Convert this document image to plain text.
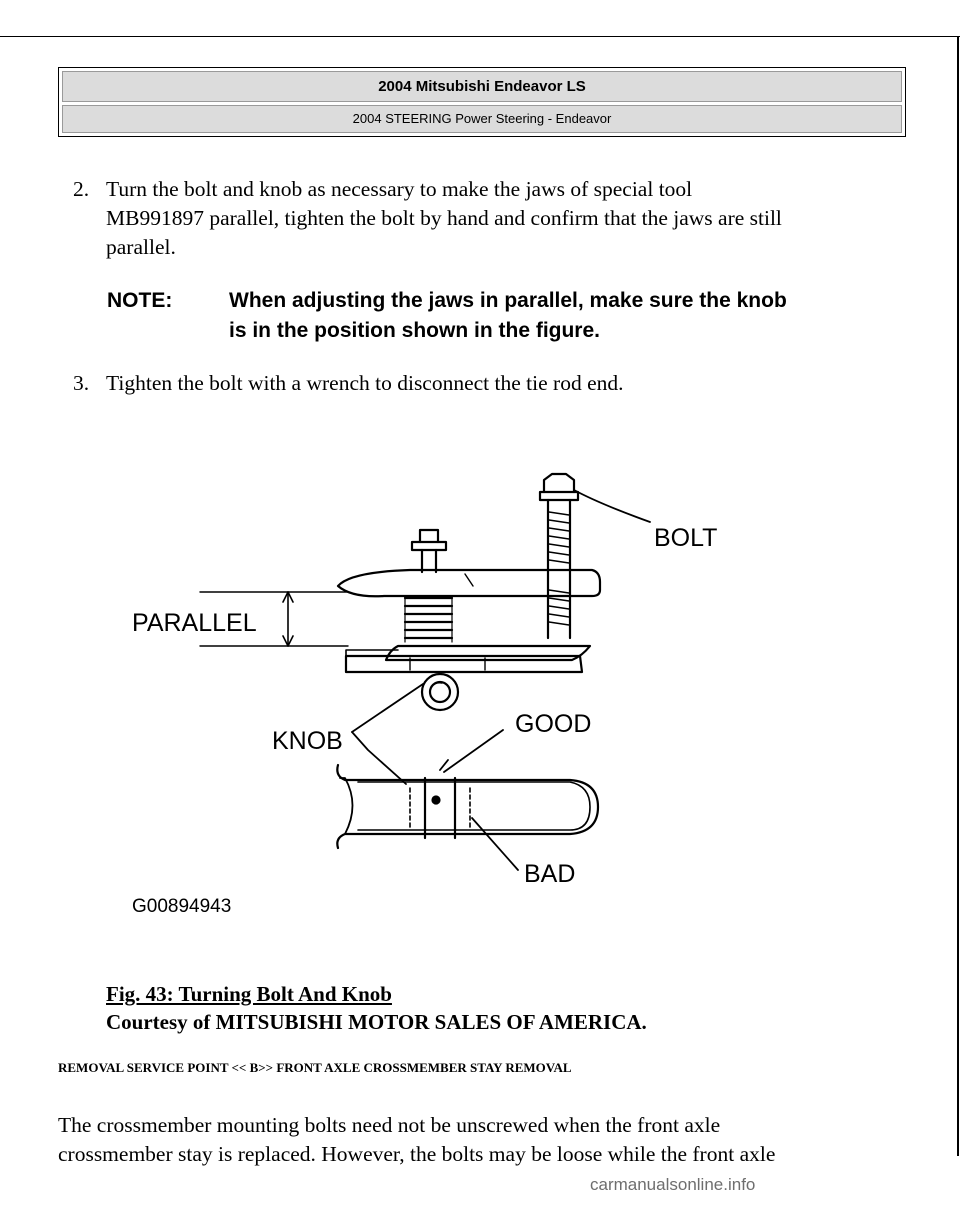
2004 Mitsubishi Endeavor LS
2004 STEERING Power Steering - Endeavor
2. Turn the bolt and knob as necessary to make the jaws of special tool
MB991897 parallel, tighten the bolt by hand and confirm that the jaws are still
parallel.
NOTE:	When adjusting the jaws in parallel, make sure the knob
is in the position shown in the figure.
3. Tighten the bolt with a wrench to disconnect the tie rod end.
BOLT
PARALLEL
KNOB
GOOD
BAD
G00894943
Fig. 43: Turning Bolt And Knob
Courtesy of MITSUBISHI MOTOR SALES OF AMERICA.
REMOVAL SERVICE POINT << B>> FRONT AXLE CROSSMEMBER STAY REMOVAL
The crossmember mounting bolts need not be unscrewed when the front axle
crossmember stay is replaced. However, the bolts may be loose while the front axle
carmanualsonline.info
